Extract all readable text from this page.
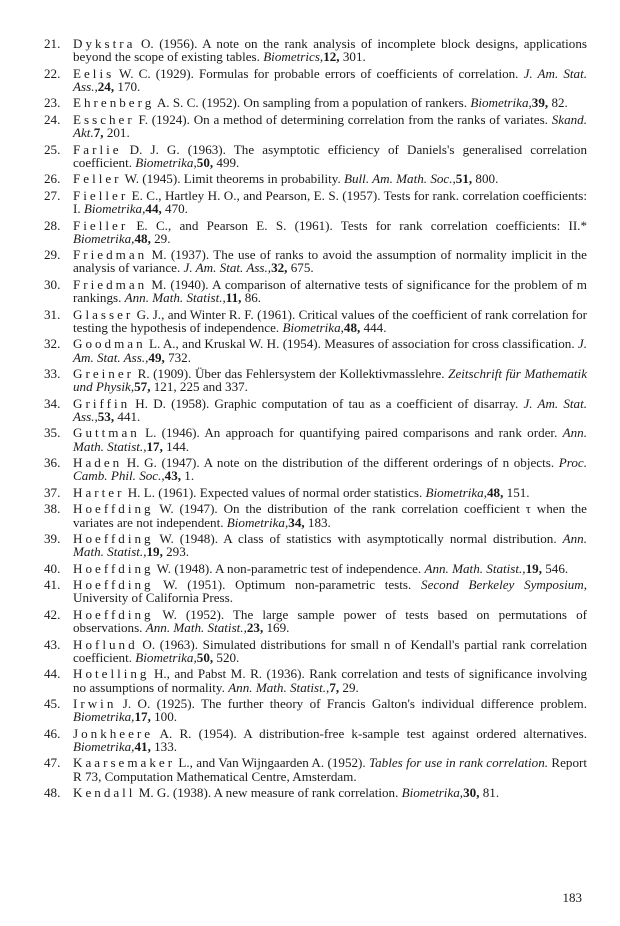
21. Dykstra O. (1956). A note on the rank analysis of incomplete block designs, applications beyond the scope of existing tables. Biometrics,12, 301.
22. Eelis W. C. (1929). Formulas for probable errors of coefficients of correlation. J. Am. Stat. Ass.,24, 170.
23. Ehrenberg A. S. C. (1952). On sampling from a population of rankers. Biometrika,39, 82.
24. Esscher F. (1924). On a method of determining correlation from the ranks of variates. Skand. Akt.7, 201.
25. Farlie D. J. G. (1963). The asymptotic efficiency of Daniels's generalised correlation coefficient. Biometrika,50, 499.
26. Feller W. (1945). Limit theorems in probability. Bull. Am. Math. Soc.,51, 800.
27. Fieller E. C., Hartley H. O., and Pearson, E. S. (1957). Tests for rank. correlation coefficients: I. Biometrika,44, 470.
28. Fieller E. C., and Pearson E. S. (1961). Tests for rank correlation coefficients: II.* Biometrika,48, 29.
29. Friedman M. (1937). The use of ranks to avoid the assumption of normality implicit in the analysis of variance. J. Am. Stat. Ass.,32, 675.
30. Friedman M. (1940). A comparison of alternative tests of significance for the problem of m rankings. Ann. Math. Statist.,11, 86.
31. Glasser G. J., and Winter R. F. (1961). Critical values of the coefficient of rank correlation for testing the hypothesis of independence. Biometrika,48, 444.
32. Goodman L. A., and Kruskal W. H. (1954). Measures of association for cross classification. J. Am. Stat. Ass.,49, 732.
33. Greiner R. (1909). Über das Fehlersystem der Kollektivmasslehre. Zeitschrift für Mathematik und Physik,57, 121, 225 and 337.
34. Griffin H. D. (1958). Graphic computation of tau as a coefficient of disarray. J. Am. Stat. Ass.,53, 441.
35. Guttman L. (1946). An approach for quantifying paired comparisons and rank order. Ann. Math. Statist.,17, 144.
36. Haden H. G. (1947). A note on the distribution of the different orderings of n objects. Proc. Camb. Phil. Soc.,43, 1.
37. Harter H. L. (1961). Expected values of normal order statistics. Biometrika,48, 151.
38. Hoeffding W. (1947). On the distribution of the rank correlation coefficient τ when the variates are not independent. Biometrika,34, 183.
39. Hoeffding W. (1948). A class of statistics with asymptotically normal distribution. Ann. Math. Statist.,19, 293.
40. Hoeffding W. (1948). A non-parametric test of independence. Ann. Math. Statist.,19, 546.
41. Hoeffding W. (1951). Optimum non-parametric tests. Second Berkeley Symposium, University of California Press.
42. Hoeffding W. (1952). The large sample power of tests based on permutations of observations. Ann. Math. Statist.,23, 169.
43. Hoflund O. (1963). Simulated distributions for small n of Kendall's partial rank correlation coefficient. Biometrika,50, 520.
44. Hotelling H., and Pabst M. R. (1936). Rank correlation and tests of significance involving no assumptions of normality. Ann. Math. Statist.,7, 29.
45. Irwin J. O. (1925). The further theory of Francis Galton's individual difference problem. Biometrika,17, 100.
46. Jonkheere A. R. (1954). A distribution-free k-sample test against ordered alternatives. Biometrika,41, 133.
47. Kaarsemaker L., and Van Wijngaarden A. (1952). Tables for use in rank correlation. Report R 73, Computation Mathematical Centre, Amsterdam.
48. Kendall M. G. (1938). A new measure of rank correlation. Biometrika,30, 81.
183
